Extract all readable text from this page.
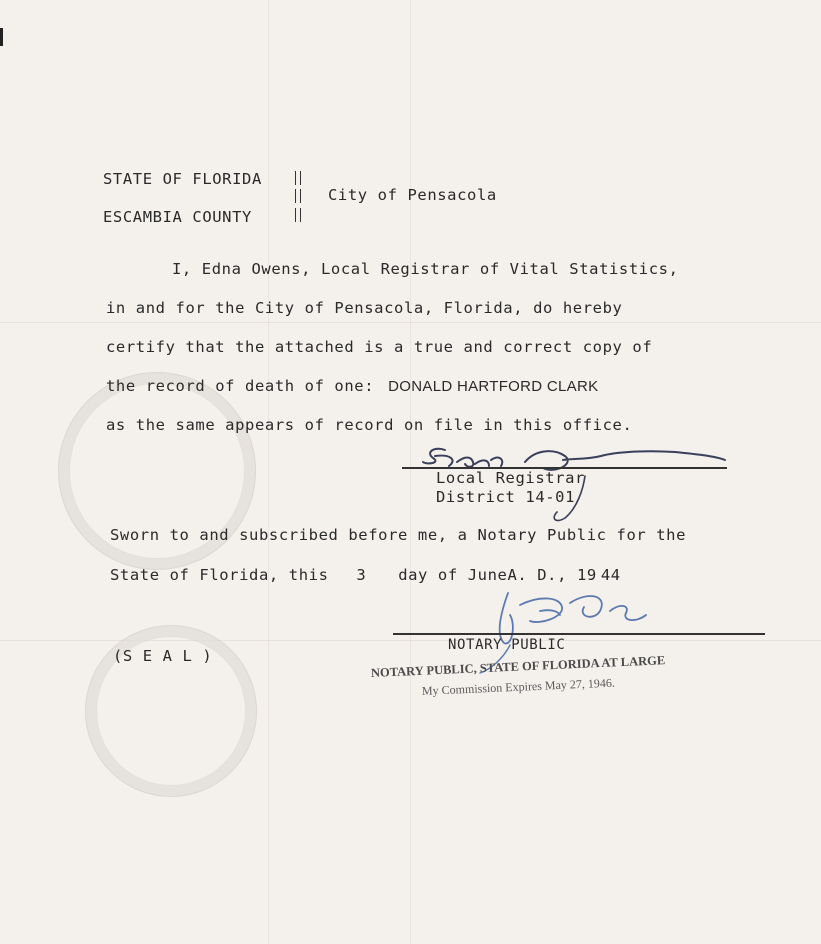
STATE OF FLORIDA
ESCAMBIA COUNTY
City of Pensacola
I, Edna Owens, Local Registrar of Vital Statistics,
in and for the City of Pensacola, Florida, do hereby
certify that the attached is a true and correct copy of
the record of death of one: DONALD HARTFORD CLARK
as the same appears of record on file in this office.
Local Registrar
District 14-01
Sworn to and subscribed before me, a Notary Public for the
State of Florida, this 3 day of JuneA. D., 19 44
NOTARY PUBLIC
(S E A L )	NOTARY PUBLIC, STATE OF FLORIDA AT LARGE
My Commission Expires May 27, 1946.
